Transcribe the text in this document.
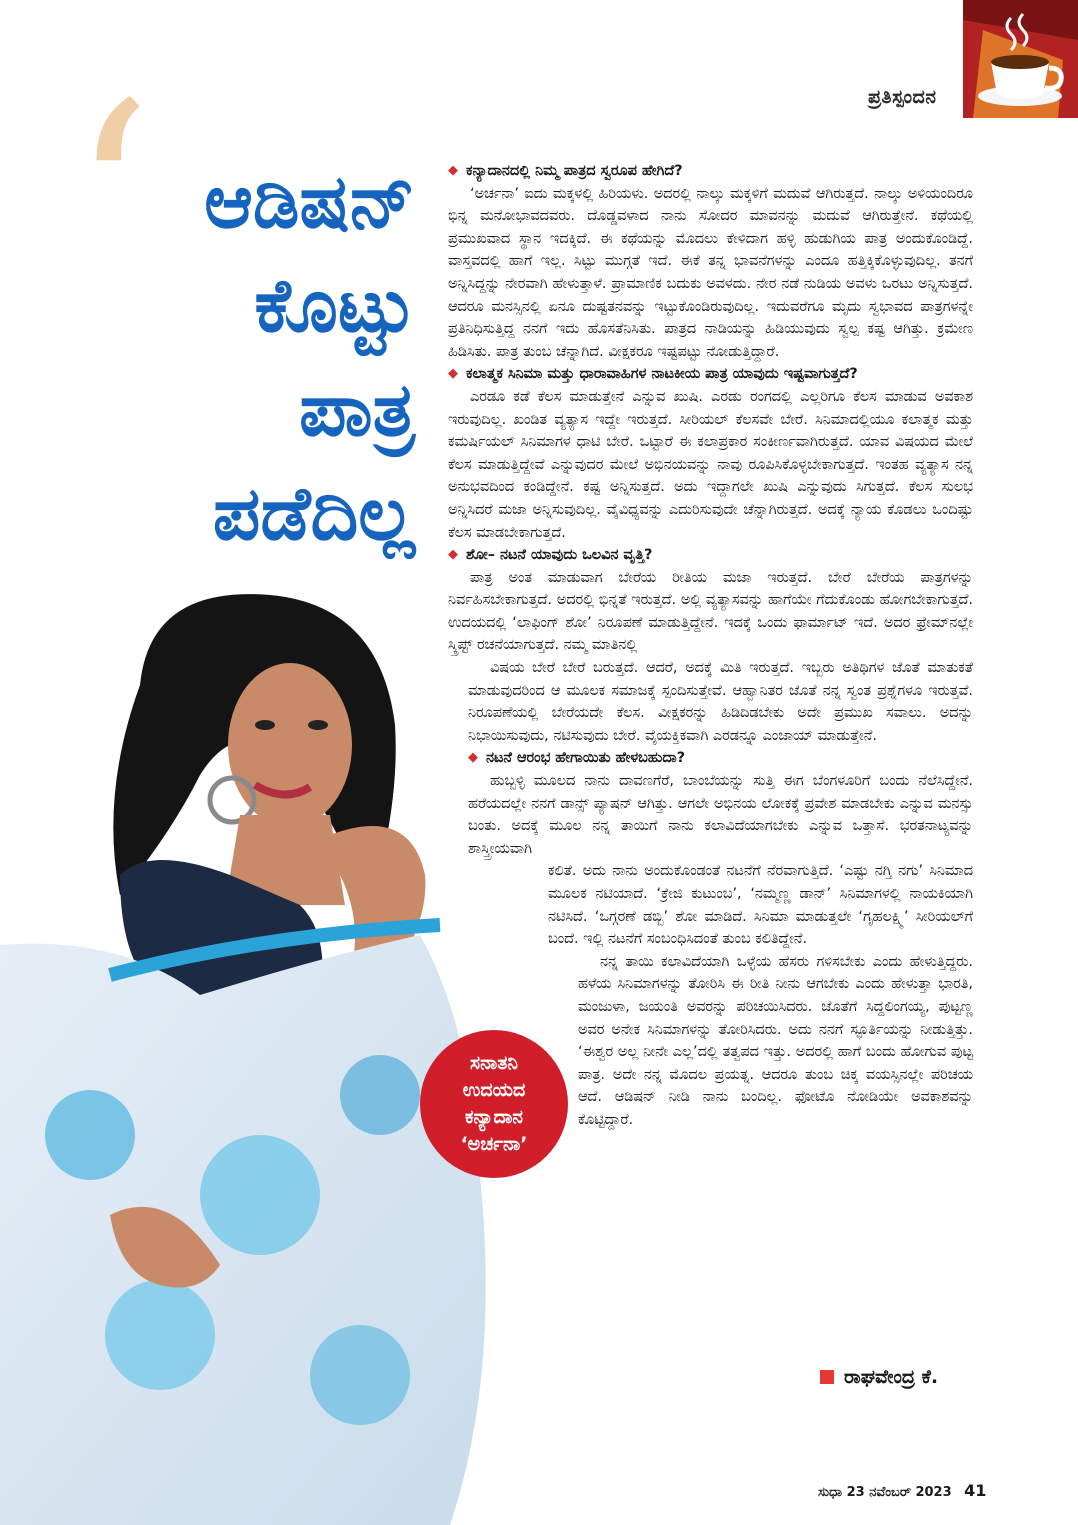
ಪ್ರತಿಸ್ಪಂದನ
‘ ಆಡಿಷನ್
ಕೊಟ್ಟು
ಪಾತ್ರ
ಪಡೆದಿಲ್ಲ
ಸನಾತನಿ
ಉದಯದ
ಕನ್ಯಾದಾನ
‘ಅರ್ಚನಾ’
◆ ಕನ್ಯಾದಾನದಲ್ಲಿ ನಿಮ್ಮ ಪಾತ್ರದ ಸ್ವರೂಪ ಹೇಗಿದೆ?

‘ಅರ್ಚನಾ’ ಐದು ಮಕ್ಕಳಲ್ಲಿ ಹಿರಿಯಳು. ಅದರಲ್ಲಿ ನಾಲ್ಕು ಮಕ್ಕಳಿಗೆ ಮದುವೆ ಆಗಿರುತ್ತದೆ. ನಾಲ್ಕು ಅಳಿಯಂದಿರೂ ಭಿನ್ನ ಮನೋಭಾವದವರು. ದೊಡ್ಡವಳಾದ ನಾನು ಸೋದರ ಮಾವನನ್ನು ಮದುವೆ ಆಗಿರುತ್ತೇನೆ. ಕಥೆಯಲ್ಲಿ ಪ್ರಮುಖವಾದ ಸ್ಥಾನ ಇದಕ್ಕಿದೆ. ಈ ಕಥೆಯನ್ನು ಮೊದಲು ಕೇಳಿದಾಗ ಹಳ್ಳಿ ಹುಡುಗಿಯ ಪಾತ್ರ ಅಂದುಕೊಂಡಿದ್ದೆ. ವಾಸ್ತವದಲ್ಲಿ ಹಾಗೆ ಇಲ್ಲ. ಸಿಟ್ಟು ಮುಗ್ಗತೆ ಇದೆ. ಈಕೆ ತನ್ನ ಭಾವನೆಗಳನ್ನು ಎಂದೂ ಹತ್ತಿಕ್ಕಿಕೊಳ್ಳುವುದಿಲ್ಲ. ತನಗೆ ಅನ್ನಿಸಿದ್ದನ್ನು ನೇರವಾಗಿ ಹೇಳುತ್ತಾಳೆ. ಪ್ರಾಮಾಣಿಕ ಬದುಕು ಅವಳದು. ನೇರ ನಡೆ ನುಡಿಯ ಅವಳು ಒರಟು ಅನ್ನಿಸುತ್ತದೆ. ಆದರೂ ಮನಸ್ಸಿನಲ್ಲಿ ಏನೂ ದುಷ್ಟತನವನ್ನು ಇಟ್ಟುಕೊಂಡಿರುವುದಿಲ್ಲ. ಇದುವರೆಗೂ ಮೃದು ಸ್ವಭಾವದ ಪಾತ್ರಗಳನ್ನೇ ಪ್ರತಿನಿಧಿಸುತ್ತಿದ್ದ ನನಗೆ ಇದು ಹೊಸತೆನಿಸಿತು. ಪಾತ್ರದ ನಾಡಿಯನ್ನು ಹಿಡಿಯುವುದು ಸ್ವಲ್ಪ ಕಷ್ಟ ಆಗಿತ್ತು. ಕ್ರಮೇಣ ಹಿಡಿಸಿತು. ಪಾತ್ರ ತುಂಬ ಚೆನ್ನಾಗಿದೆ. ವೀಕ್ಷಕರೂ ಇಷ್ಟಪಟ್ಟು ನೋಡುತ್ತಿದ್ದಾರೆ.

◆ ಕಲಾತ್ಮಕ ಸಿನಿಮಾ ಮತ್ತು ಧಾರಾವಾಹಿಗಳ ನಾಟಕೀಯ ಪಾತ್ರ ಯಾವುದು ಇಷ್ಟವಾಗುತ್ತದೆ?

ಎರಡೂ ಕಡೆ ಕೆಲಸ ಮಾಡುತ್ತೇನೆ ಎನ್ನುವ ಖುಷಿ. ಎರಡು ರಂಗದಲ್ಲಿ ಎಲ್ಲರಿಗೂ ಕೆಲಸ ಮಾಡುವ ಅವಕಾಶ ಇರುವುದಿಲ್ಲ. ಖಂಡಿತ ವ್ಯತ್ಯಾಸ ಇದ್ದೇ ಇರುತ್ತದೆ. ಸೀರಿಯಲ್ ಕೆಲಸವೇ ಬೇರೆ. ಸಿನಿಮಾದಲ್ಲಿಯೂ ಕಲಾತ್ಮಕ ಮತ್ತು ಕಮರ್ಷಿಯಲ್ ಸಿನಿಮಾಗಳ ಧಾಟಿ ಬೇರೆ. ಒಟ್ಟಾರೆ ಈ ಕಲಾಪ್ರಕಾರ ಸಂಕೀರ್ಣವಾಗಿರುತ್ತದೆ. ಯಾವ ವಿಷಯದ ಮೇಲೆ ಕೆಲಸ ಮಾಡುತ್ತಿದ್ದೇವೆ ಎನ್ನುವುದರ ಮೇಲೆ ಅಭಿನಯವನ್ನು ನಾವು ರೂಪಿಸಿಕೊಳ್ಳಬೇಕಾಗುತ್ತದೆ. ಇಂತಹ ವ್ಯತ್ಯಾಸ ನನ್ನ ಅನುಭವದಿಂದ ಕಂಡಿದ್ದೇನೆ. ಕಷ್ಟ ಅನ್ನಿಸುತ್ತದೆ. ಅದು ಇದ್ದಾಗಲೇ ಖುಷಿ ಎನ್ನುವುದು ಸಿಗುತ್ತದೆ. ಕೆಲಸ ಸುಲಭ ಅನ್ನಿಸಿದರೆ ಮಜಾ ಅನ್ನಿಸುವುದಿಲ್ಲ. ವೈವಿಧ್ಯವನ್ನು ಎದುರಿಸುವುದೇ ಚೆನ್ನಾಗಿರುತ್ತದೆ. ಅದಕ್ಕೆ ನ್ಯಾಯ ಕೊಡಲು ಒಂದಿಷ್ಟು ಕೆಲಸ ಮಾಡಬೇಕಾಗುತ್ತದೆ.

◆ ಶೋ– ನಟನೆ ಯಾವುದು ಒಲವಿನ ವೃತ್ತಿ?

ಪಾತ್ರ ಅಂತ ಮಾಡುವಾಗ ಬೇರೆಯ ರೀತಿಯ ಮಜಾ ಇರುತ್ತದೆ. ಬೇರೆ ಬೇರೆಯ ಪಾತ್ರಗಳನ್ನು ನಿರ್ವಹಿಸಬೇಕಾಗುತ್ತದೆ. ಅದರಲ್ಲಿ ಭಿನ್ನತೆ ಇರುತ್ತದೆ. ಅಲ್ಲಿ ವ್ಯತ್ಯಾಸವನ್ನು ಹಾಗೆಯೇ ಗೆದುಕೊಂಡು ಹೋಗಬೇಕಾಗುತ್ತದೆ. ಉದಯದಲ್ಲಿ ‘ಲಾಫಿಂಗ್ ಶೋ’ ನಿರೂಪಣೆ ಮಾಡುತ್ತಿದ್ದೇನೆ. ಇದಕ್ಕೆ ಒಂದು ಫಾರ್ಮಾಟ್ ಇದೆ. ಅದರ ಫ್ರೇಮ್‌ನಲ್ಲೇ ಸ್ಕ್ರಿಪ್ಟ್ ರಚನೆಯಾಗುತ್ತದೆ. ನಮ್ಮ ಮಾತಿನಲ್ಲಿ

ವಿಷಯ ಬೇರೆ ಬೇರೆ ಬರುತ್ತದೆ. ಆದರೆ, ಅದಕ್ಕೆ ಮಿತಿ ಇರುತ್ತದೆ. ಇಬ್ಬರು ಅತಿಥಿಗಳ ಜೊತೆ ಮಾತುಕತೆ ಮಾಡುವುದರಿಂದ ಆ ಮೂಲಕ ಸಮಾಜಕ್ಕೆ ಸ್ಪಂದಿಸುತ್ತೇವೆ. ಆಹ್ವಾನಿತರ ಜೊತೆ ನನ್ನ ಸ್ವಂತ ಪ್ರಶ್ನೆಗಳೂ ಇರುತ್ತವೆ. ನಿರೂಪಣೆಯಲ್ಲಿ ಬೇರೆಯದೇ ಕೆಲಸ. ವೀಕ್ಷಕರನ್ನು ಹಿಡಿದಿಡಬೇಕು ಅದೇ ಪ್ರಮುಖ ಸವಾಲು. ಅದನ್ನು ನಿಭಾಯಿಸುವುದು, ನಟಿಸುವುದು ಬೇರೆ. ವೈಯಕ್ತಿಕವಾಗಿ ಎರಡನ್ನೂ ಎಂಜಾಯ್ ಮಾಡುತ್ತೇನೆ.

◆ ನಟನೆ ಆರಂಭ ಹೇಗಾಯಿತು ಹೇಳಬಹುದಾ?

ಹುಬ್ಬಳ್ಳಿ ಮೂಲದ ನಾನು ದಾವಣಗೆರೆ, ಬಾಂಬೆಯನ್ನು ಸುತ್ತಿ ಈಗ ಬೆಂಗಳೂರಿಗೆ ಬಂದು ನೆಲೆಸಿದ್ದೇನೆ. ಹರೆಯದಲ್ಲೇ ನನಗೆ ಡಾನ್ಸ್ ಪ್ಯಾಷನ್ ಆಗಿತ್ತು. ಆಗಲೇ ಅಭಿನಯ ಲೋಕಕ್ಕೆ ಪ್ರವೇಶ ಮಾಡಬೇಕು ಎನ್ನುವ ಮನಸ್ಸು ಬಂತು. ಅದಕ್ಕೆ ಮೂಲ ನನ್ನ ತಾಯಿಗೆ ನಾನು ಕಲಾವಿದೆಯಾಗಬೇಕು ಎನ್ನುವ ಒತ್ತಾಸೆ. ಭರತನಾಟ್ಯವನ್ನು ಶಾಸ್ತ್ರೀಯವಾಗಿ

ಕಲಿತೆ. ಅದು ನಾನು ಅಂದುಕೊಂಡಂತೆ ನಟನೆಗೆ ನೆರವಾಗುತ್ತಿದೆ. ‘ಎಷ್ಟು ನಗ್ತಿ ನಗು’ ಸಿನಿಮಾದ ಮೂಲಕ ನಟಿಯಾದೆ. ‘ಕ್ರೇಜಿ ಕುಟುಂಬ’, ‘ನಮ್ಮಣ್ಣ ಡಾನ್’ ಸಿನಿಮಾಗಳಲ್ಲಿ ನಾಯಕಿಯಾಗಿ ನಟಿಸಿದೆ. ‘ಒಗ್ಗರಣೆ ಡಬ್ಬಿ’ ಶೋ ಮಾಡಿದೆ. ಸಿನಿಮಾ ಮಾಡುತ್ತಲೇ ‘ಗೃಹಲಕ್ಷ್ಮಿ’ ಸೀರಿಯಲ್‌ಗೆ ಬಂದೆ. ಇಲ್ಲಿ ನಟನೆಗೆ ಸಂಬಂಧಿಸಿದಂತೆ ತುಂಬ ಕಲಿತಿದ್ದೇನೆ.

ನನ್ನ ತಾಯಿ ಕಲಾವಿದೆಯಾಗಿ ಒಳ್ಳೆಯ ಹೆಸರು ಗಳಿಸಬೇಕು ಎಂದು ಹೇಳುತ್ತಿದ್ದರು. ಹಳೆಯ ಸಿನಿಮಾಗಳನ್ನು ತೋರಿಸಿ ಈ ರೀತಿ ನೀನು ಆಗಬೇಕು ಎಂದು ಹೇಳುತ್ತಾ ಭಾರತಿ, ಮಂಜುಳಾ, ಜಯಂತಿ ಅವರನ್ನು ಪರಿಚಯಿಸಿದರು. ಜೊತೆಗೆ ಸಿದ್ದಲಿಂಗಯ್ಯ, ಪುಟ್ಟಣ್ಣ ಅವರ ಅನೇಕ ಸಿನಿಮಾಗಳನ್ನು ತೋರಿಸಿದರು. ಅದು ನನಗೆ ಸ್ಫೂರ್ತಿಯನ್ನು ನೀಡುತ್ತಿತ್ತು. ‘ಈಶ್ವರ ಅಲ್ಲ ನೀನೇ ಎಲ್ಲ’ದಲ್ಲಿ ತತ್ವಪದ ಇತ್ತು. ಅದರಲ್ಲಿ ಹಾಗೆ ಬಂದು ಹೋಗುವ ಪುಟ್ಟ ಪಾತ್ರ. ಅದೇ ನನ್ನ ಮೊದಲ ಪ್ರಯತ್ನ. ಆದರೂ ತುಂಬ ಚಿಕ್ಕ ವಯಸ್ಸಿನಲ್ಲೇ ಪರಿಚಯ ಆದೆ. ಆಡಿಷನ್ ನೀಡಿ ನಾನು ಬಂದಿಲ್ಲ. ಫೋಟೊ ನೋಡಿಯೇ ಅವಕಾಶವನ್ನು ಕೊಟ್ಟಿದ್ದಾರೆ.

ರಾಘವೇಂದ್ರ ಕೆ.
ಸುಧಾ 23 ನವೆಂಬರ್ 2023 41
